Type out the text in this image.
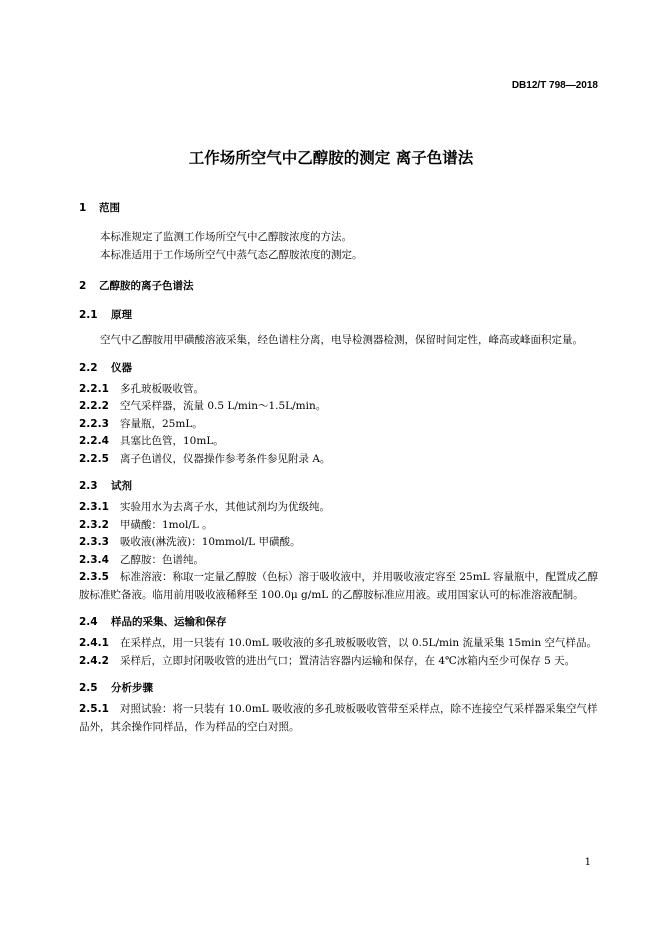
DB12/T 798—2018
工作场所空气中乙醇胺的测定 离子色谱法
1 范围

本标准规定了监测工作场所空气中乙醇胺浓度的方法。

本标准适用于工作场所空气中蒸气态乙醇胺浓度的测定。

2 乙醇胺的离子色谱法
2.1 原理

空气中乙醇胺用甲磺酸溶液采集，经色谱柱分离，电导检测器检测，保留时间定性，峰高或峰面积定量。

2.2 仪器
2.2.1 多孔玻板吸收管。
2.2.2 空气采样器，流量 0.5 L/min～1.5L/min。
2.2.3 容量瓶，25mL。
2.2.4 具塞比色管，10mL。
2.2.5 离子色谱仪，仪器操作参考条件参见附录 A。
2.3 试剂
2.3.1 实验用水为去离子水，其他试剂均为优级纯。
2.3.2 甲磺酸：1mol/L 。
2.3.3 吸收液(淋洗液)：10mmol/L 甲磺酸。
2.3.4 乙醇胺：色谱纯。
2.3.5 标准溶液：称取一定量乙醇胺（色标）溶于吸收液中，并用吸收液定容至 25mL 容量瓶中，配置成乙醇胺标准贮备液。临用前用吸收液稀释至 100.0μ g/mL 的乙醇胺标准应用液。或用国家认可的标准溶液配制。
2.4 样品的采集、运输和保存
2.4.1 在采样点，用一只装有 10.0mL 吸收液的多孔玻板吸收管，以 0.5L/min 流量采集 15min 空气样品。
2.4.2 采样后，立即封闭吸收管的进出气口；置清洁容器内运输和保存，在 4℃冰箱内至少可保存 5 天。
2.5 分析步骤
2.5.1 对照试验：将一只装有 10.0mL 吸收液的多孔玻板吸收管带至采样点，除不连接空气采样器采集空气样品外，其余操作同样品，作为样品的空白对照。
1
